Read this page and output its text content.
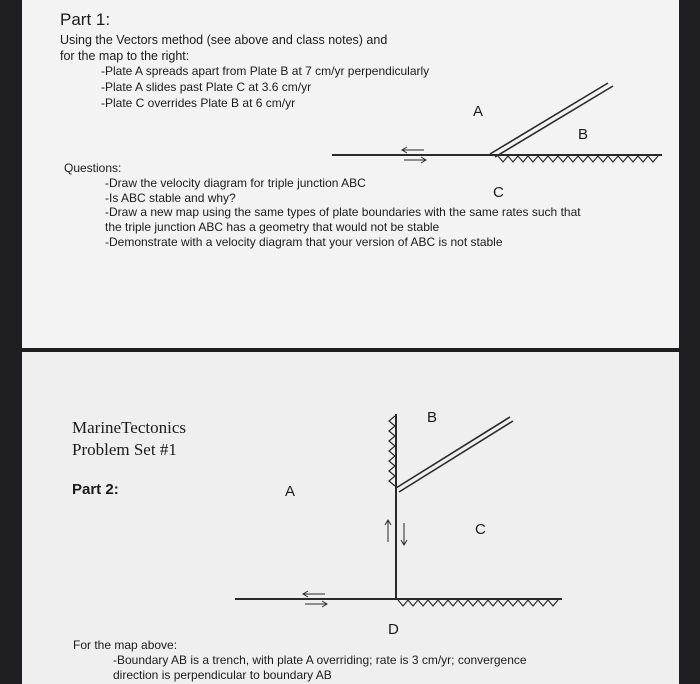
Part 1:
Using the Vectors method (see above and class notes) and
for the map to the right:
-Plate A spreads apart from Plate B at 7 cm/yr perpendicularly
-Plate A slides past Plate C at 3.6 cm/yr
-Plate C overrides Plate B at 6 cm/yr
Questions:
-Draw the velocity diagram for triple junction ABC
-Is ABC stable and why?
-Draw a new map using the same types of plate boundaries with the same rates such that
the triple junction ABC has a geometry that would not be stable
-Demonstrate with a velocity diagram that your version of ABC is not stable
A
B
C
MarineTectonics
Problem Set #1
Part 2:	A
B
C
D
For the map above:
-Boundary AB is a trench, with plate A overriding; rate is 3 cm/yr; convergence
direction is perpendicular to boundary AB
